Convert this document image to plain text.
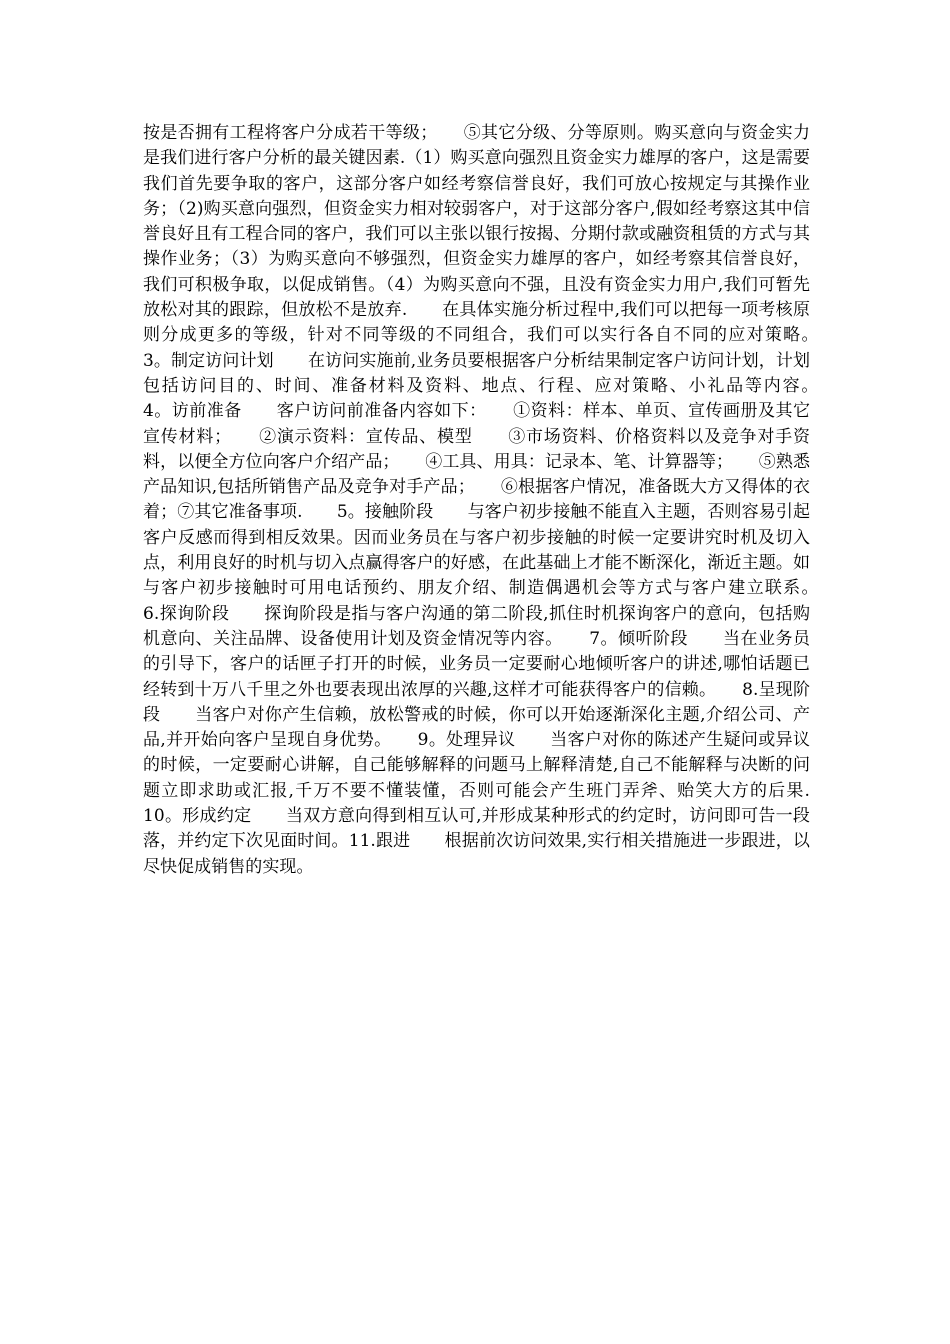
按是否拥有工程将客户分成若干等级；　　⑤其它分级、分等原则。购买意向与资金实力是我们进行客户分析的最关键因素.（1）购买意向强烈且资金实力雄厚的客户，这是需要我们首先要争取的客户，这部分客户如经考察信誉良好，我们可放心按规定与其操作业务；（2)购买意向强烈，但资金实力相对较弱客户，对于这部分客户,假如经考察这其中信誉良好且有工程合同的客户，我们可以主张以银行按揭、分期付款或融资租赁的方式与其操作业务；（3）为购买意向不够强烈，但资金实力雄厚的客户，如经考察其信誉良好，我们可积极争取，以促成销售。（4）为购买意向不强，且没有资金实力用户,我们可暂先放松对其的跟踪，但放松不是放弃.　　在具体实施分析过程中,我们可以把每一项考核原则分成更多的等级，针对不同等级的不同组合，我们可以实行各自不同的应对策略。　　3。制定访问计划　　在访问实施前,业务员要根据客户分析结果制定客户访问计划，计划包括访问目的、时间、准备材料及资料、地点、行程、应对策略、小礼品等内容。　　4。访前准备　　客户访问前准备内容如下：　　①资料：样本、单页、宣传画册及其它宣传材料；　　②演示资料：宣传品、模型　　③市场资料、价格资料以及竞争对手资料，以便全方位向客户介绍产品；　　④工具、用具：记录本、笔、计算器等；　　⑤熟悉产品知识,包括所销售产品及竞争对手产品；　　⑥根据客户情况，准备既大方又得体的衣着；⑦其它准备事项.　　5。接触阶段　　与客户初步接触不能直入主题，否则容易引起客户反感而得到相反效果。因而业务员在与客户初步接触的时候一定要讲究时机及切入点，利用良好的时机与切入点赢得客户的好感，在此基础上才能不断深化，渐近主题。如与客户初步接触时可用电话预约、朋友介绍、制造偶遇机会等方式与客户建立联系。　　6.探询阶段　　探询阶段是指与客户沟通的第二阶段,抓住时机探询客户的意向，包括购机意向、关注品牌、设备使用计划及资金情况等内容。　　7。倾听阶段　　当在业务员的引导下，客户的话匣子打开的时候，业务员一定要耐心地倾听客户的讲述,哪怕话题已经转到十万八千里之外也要表现出浓厚的兴趣,这样才可能获得客户的信赖。　　8.呈现阶段　　当客户对你产生信赖，放松警戒的时候，你可以开始逐渐深化主题,介绍公司、产品,并开始向客户呈现自身优势。　　9。处理异议　　当客户对你的陈述产生疑问或异议的时候，一定要耐心讲解，自己能够解释的问题马上解释清楚,自己不能解释与决断的问题立即求助或汇报,千万不要不懂装懂，否则可能会产生班门弄斧、贻笑大方的后果.　　10。形成约定　　当双方意向得到相互认可,并形成某种形式的约定时，访问即可告一段落，并约定下次见面时间。11.跟进　　根据前次访问效果,实行相关措施进一步跟进，以尽快促成销售的实现。
